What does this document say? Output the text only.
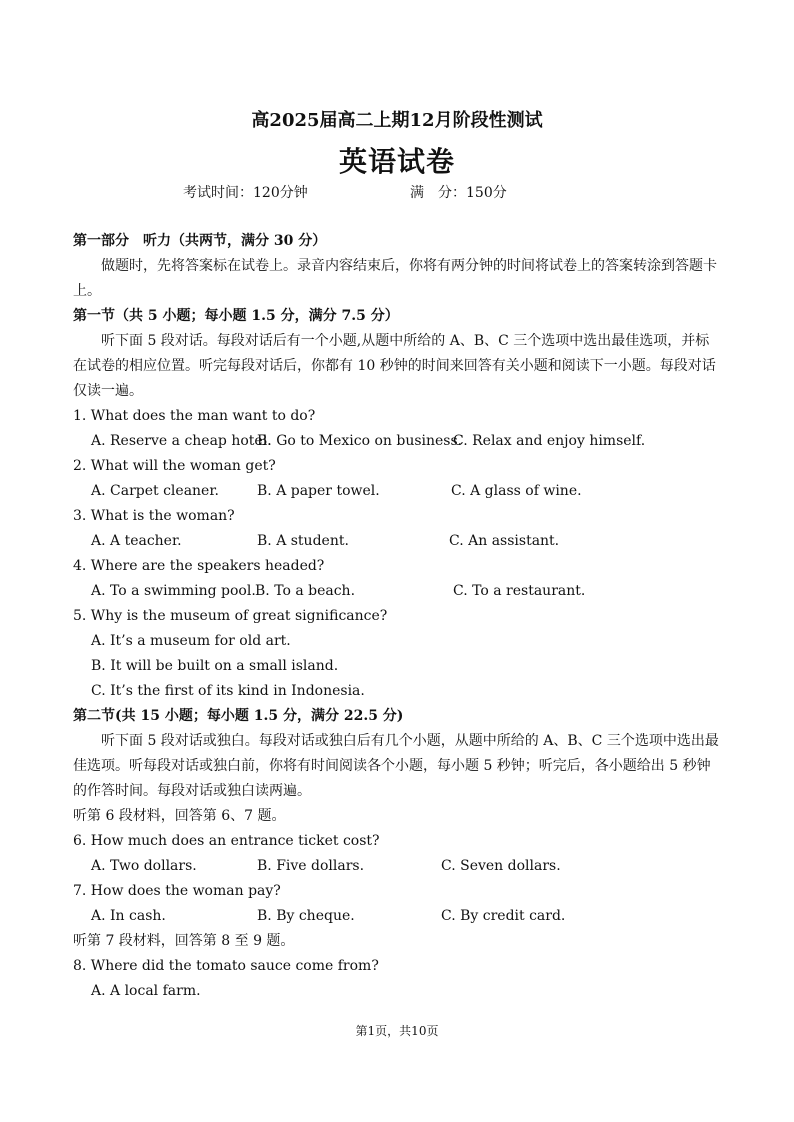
高2025届高二上期12月阶段性测试
英语试卷
考试时间：120分钟	满　分：150分
第一部分　听力（共两节，满分 30 分）
做题时，先将答案标在试卷上。录音内容结束后，你将有两分钟的时间将试卷上的答案转涂到答题卡上。
第一节（共 5 小题；每小题 1.5 分，满分 7.5 分）
听下面 5 段对话。每段对话后有一个小题,从题中所给的 A、B、C 三个选项中选出最佳选项，并标在试卷的相应位置。听完每段对话后，你都有 10 秒钟的时间来回答有关小题和阅读下一小题。每段对话仅读一遍。
1. What does the man want to do?
A. Reserve a cheap hotel.
B. Go to Mexico on business.
C. Relax and enjoy himself.
2. What will the woman get?
A. Carpet cleaner.	B. A paper towel.	C. A glass of wine.
3. What is the woman?
A. A teacher.	B. A student.	C. An assistant.
4. Where are the speakers headed?
A. To a swimming pool. B. To a beach.	C. To a restaurant.
5. Why is the museum of great significance?
A. It’s a museum for old art.
B. It will be built on a small island.
C. It’s the first of its kind in Indonesia.
第二节(共 15 小题；每小题 1.5 分，满分 22.5 分)
听下面 5 段对话或独白。每段对话或独白后有几个小题，从题中所给的 A、B、C 三个选项中选出最佳选项。听每段对话或独白前，你将有时间阅读各个小题，每小题 5 秒钟；听完后，各小题给出 5 秒钟的作答时间。每段对话或独白读两遍。
听第 6 段材料，回答第 6、7 题。
6. How much does an entrance ticket cost?
A. Two dollars.	B. Five dollars.	C. Seven dollars.
7. How does the woman pay?
A. In cash.	B. By cheque.	C. By credit card.
听第 7 段材料，回答第 8 至 9 题。
8. Where did the tomato sauce come from?
A. A local farm.
第1页，共10页
